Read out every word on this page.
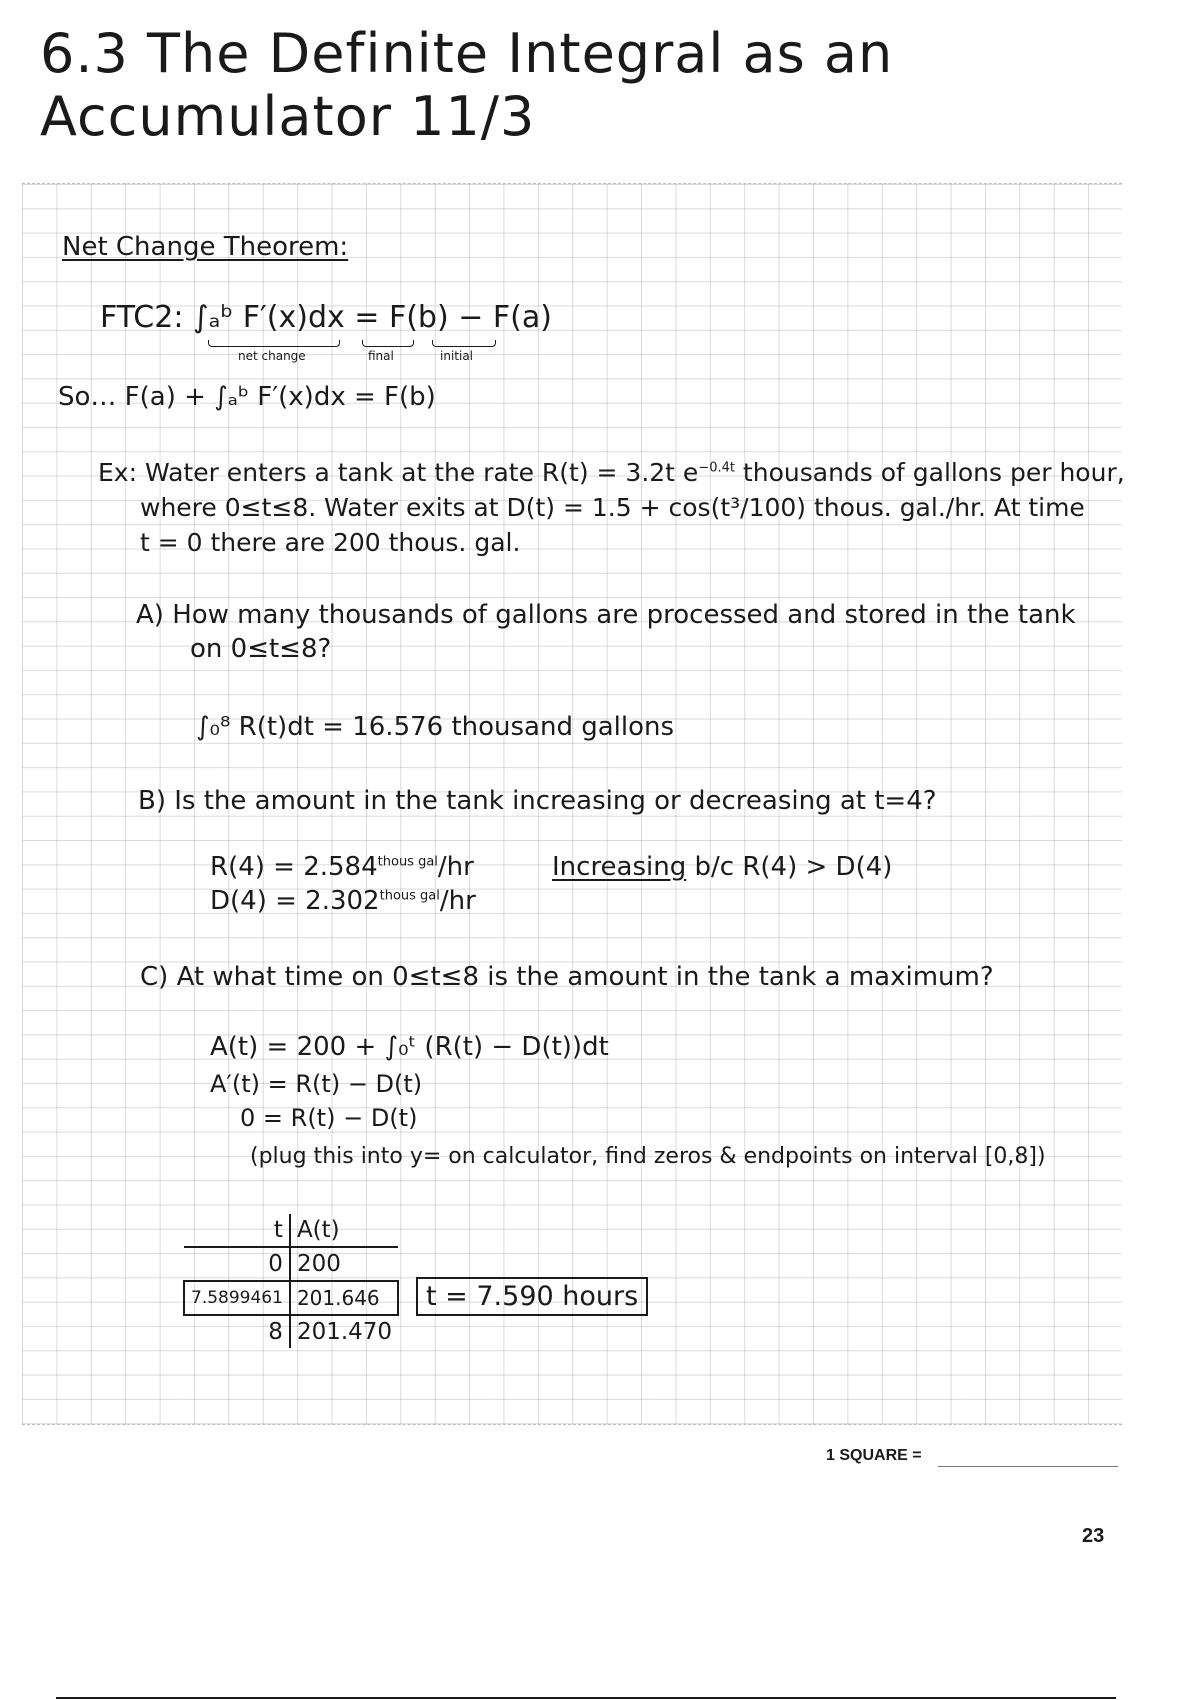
6.3 The Definite Integral as an Accumulator 11/3
Net Change Theorem:
FTC2: ∫ₐᵇ F′(x)dx = F(b) − F(a)
net change	final	initial
So… F(a) + ∫ₐᵇ F′(x)dx = F(b)
Ex: Water enters a tank at the rate R(t) = 3.2t $e^{-0.4t}$ thousands of gallons per hour,
where 0≤t≤8. Water exits at D(t) = 1.5 + cos(t³/100) thous. gal./hr. At time
t = 0 there are 200 thous. gal.
A) How many thousands of gallons are processed and stored in the tank
on 0≤t≤8?
∫₀⁸ R(t)dt = 16.576 thousand gallons
B) Is the amount in the tank increasing or decreasing at t=4?
$R(4) = 2.584^{thous gal}/hr$
$D(4) = 2.302^{thous gal}/hr$
Increasing b/c R(4) > D(4)
C) At what time on 0≤t≤8 is the amount in the tank a maximum?
A(t) = 200 + ∫₀ᵗ (R(t) − D(t))dt
A′(t) = R(t) − D(t)
0 = R(t) − D(t)
(plug this into y= on calculator, find zeros & endpoints on interval [0,8])
t	A(t)
0	200
7.5899461	201.646
8	201.470
t = 7.590 hours
1 SQUARE =
23
